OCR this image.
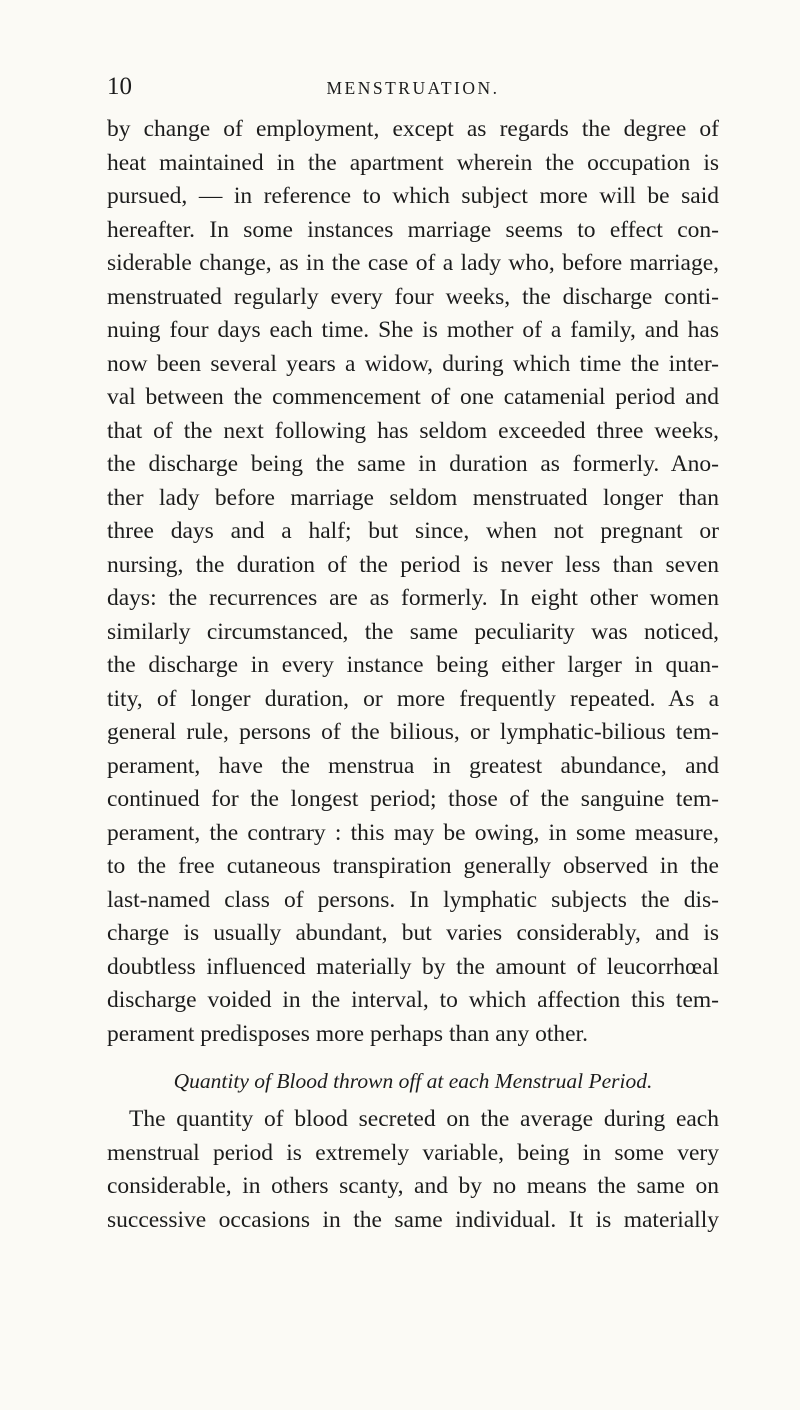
10	MENSTRUATION.
by change of employment, except as regards the degree of
heat maintained in the apartment wherein the occupation is
pursued, — in reference to which subject more will be said
hereafter. In some instances marriage seems to effect con-
siderable change, as in the case of a lady who, before marriage,
menstruated regularly every four weeks, the discharge conti-
nuing four days each time. She is mother of a family, and has
now been several years a widow, during which time the inter-
val between the commencement of one catamenial period and
that of the next following has seldom exceeded three weeks,
the discharge being the same in duration as formerly. Ano-
ther lady before marriage seldom menstruated longer than
three days and a half; but since, when not pregnant or
nursing, the duration of the period is never less than seven
days: the recurrences are as formerly. In eight other women
similarly circumstanced, the same peculiarity was noticed,
the discharge in every instance being either larger in quan-
tity, of longer duration, or more frequently repeated. As a
general rule, persons of the bilious, or lymphatic-bilious tem-
perament, have the menstrua in greatest abundance, and
continued for the longest period; those of the sanguine tem-
perament, the contrary : this may be owing, in some measure,
to the free cutaneous transpiration generally observed in the
last-named class of persons. In lymphatic subjects the dis-
charge is usually abundant, but varies considerably, and is
doubtless influenced materially by the amount of leucorrhœal
discharge voided in the interval, to which affection this tem-
perament predisposes more perhaps than any other.
Quantity of Blood thrown off at each Menstrual Period.
The quantity of blood secreted on the average during each
menstrual period is extremely variable, being in some very
considerable, in others scanty, and by no means the same on
successive occasions in the same individual. It is materially
